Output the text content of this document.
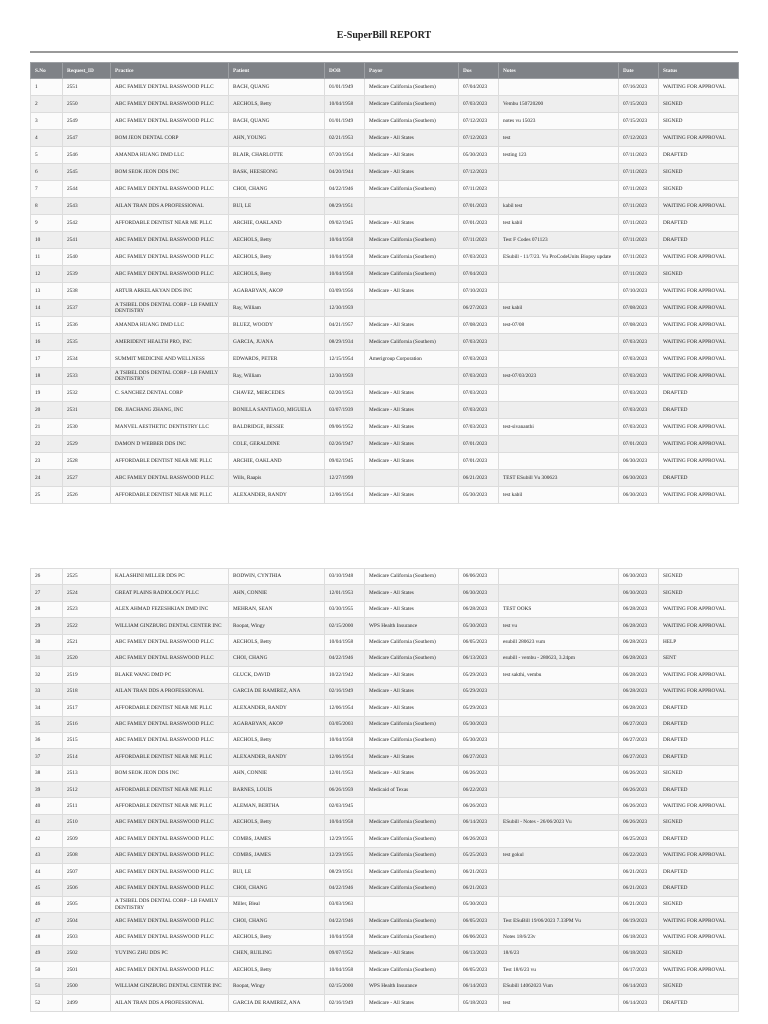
E-SuperBill REPORT
S.No	Request_ID	Practice	Patient	DOB	Payor	Dos	Notes	Date	Status
1	2551	ABC FAMILY DENTAL BASSWOOD PLLC	BACH, QUANG	01/01/1949	Medicare California (Southern)	07/04/2023		07/16/2023	WAITING FOR APPROVAL
2	2550	ABC FAMILY DENTAL BASSWOOD PLLC	AECHOLS, Betty	10/04/1958	Medicare California (Southern)	07/03/2023	Vembu 150720200	07/15/2023	SIGNED
3	2549	ABC FAMILY DENTAL BASSWOOD PLLC	BACH, QUANG	01/01/1949	Medicare California (Southern)	07/12/2023	notes vu 15023	07/15/2023	SIGNED
4	2547	BOM JEON DENTAL CORP	AHN, YOUNG	02/21/1953	Medicare - All States	07/12/2023	test	07/12/2023	WAITING FOR APPROVAL
5	2546	AMANDA HUANG DMD LLC	BLAIR, CHARLOTTE	07/20/1954	Medicare - All States	05/30/2023	testing 123	07/11/2023	DRAFTED
6	2545	BOM SEOK JEON DDS INC	BASK, HEESEONG	04/20/1944	Medicare - All States	07/12/2023		07/11/2023	SIGNED
7	2544	ABC FAMILY DENTAL BASSWOOD PLLC	CHOI, CHANG	04/22/1946	Medicare California (Southern)	07/11/2023		07/11/2023	SIGNED
8	2543	AILAN TRAN DDS A PROFESSIONAL	BUI, LE	08/29/1951		07/01/2023	kabil test	07/11/2023	WAITING FOR APPROVAL
9	2542	AFFORDABLE DENTIST NEAR ME PLLC	ARCHIE, OAKLAND	09/02/1945	Medicare - All States	07/01/2023	test kabil	07/11/2023	DRAFTED
10	2541	ABC FAMILY DENTAL BASSWOOD PLLC	AECHOLS, Betty	10/04/1958	Medicare California (Southern)	07/11/2023	Test F Codes 071123	07/11/2023	DRAFTED
11	2540	ABC FAMILY DENTAL BASSWOOD PLLC	AECHOLS, Betty	10/04/1958	Medicare California (Southern)	07/03/2023	ESubill - 11/7/23. Vu ProCodeUnits Biopsy update	07/11/2023	WAITING FOR APPROVAL
12	2539	ABC FAMILY DENTAL BASSWOOD PLLC	AECHOLS, Betty	10/04/1958	Medicare California (Southern)	07/04/2023		07/11/2023	SIGNED
13	2538	ARTUR ARKELAKYAN DDS INC	AGABABYAN, AKOP	03/09/1956	Medicare - All States	07/10/2023		07/10/2023	WAITING FOR APPROVAL
14	2537	A TSIBEL DDS DENTAL CORP - LB FAMILY DENTISTRY	Ray, William	12/30/1959		06/27/2023	test kabil	07/08/2023	WAITING FOR APPROVAL
15	2536	AMANDA HUANG DMD LLC	BLUEZ, WOODY	04/21/1957	Medicare - All States	07/08/2023	test-07/08	07/08/2023	WAITING FOR APPROVAL
16	2535	AMERIDENT HEALTH PRO, INC	GARCIA, JUANA	08/29/1934	Medicare California (Southern)	07/03/2023		07/03/2023	WAITING FOR APPROVAL
17	2534	SUMMIT MEDICINE AND WELLNESS	EDWARDS, PETER	12/15/1954	Amerigroup Corporation	07/03/2023		07/03/2023	WAITING FOR APPROVAL
18	2533	A TSIBEL DDS DENTAL CORP - LB FAMILY DENTISTRY	Ray, William	12/30/1959		07/03/2023	test-07/03/2023	07/03/2023	WAITING FOR APPROVAL
19	2532	C. SANCHEZ DENTAL CORP	CHAVEZ, MERCEDES	02/20/1953	Medicare - All States	07/03/2023		07/03/2023	DRAFTED
20	2531	DR. JIACHANG ZHANG, INC	BONILLA SANTIAGO, MIGUELA	03/07/1939	Medicare - All States	07/03/2023		07/03/2023	DRAFTED
21	2530	MANVEL AESTHETIC DENTISTRY LLC	BALDRIDGE, BESSIE	09/06/1952	Medicare - All States	07/03/2023	test-sivananthi	07/03/2023	WAITING FOR APPROVAL
22	2529	DAMON D WEBBER DDS INC	COLE, GERALDINE	02/26/1947	Medicare - All States	07/01/2023		07/01/2023	WAITING FOR APPROVAL
23	2528	AFFORDABLE DENTIST NEAR ME PLLC	ARCHIE, OAKLAND	09/02/1945	Medicare - All States	07/01/2023		06/30/2023	WAITING FOR APPROVAL
24	2527	ABC FAMILY DENTAL BASSWOOD PLLC	Wills, Raapis	12/27/1999		06/21/2023	TEST ESubill Vu 300623	06/30/2023	DRAFTED
25	2526	AFFORDABLE DENTIST NEAR ME PLLC	ALEXANDER, RANDY	12/06/1954	Medicare - All States	05/30/2023	test kabil	06/30/2023	WAITING FOR APPROVAL
26	2525	KALASHINI MILLER DDS PC	BODWIN, CYNTHIA	03/10/1948	Medicare California (Southern)	06/06/2023		06/30/2023	SIGNED
27	2524	GREAT PLAINS RADIOLOGY PLLC	AHN, CONNIE	12/01/1953	Medicare - All States	06/30/2023		06/30/2023	SIGNED
28	2523	ALEX AHMAD FEZESHKIAN DMD INC	MEHRAN, SEAN	03/30/1955	Medicare - All States	06/28/2023	TEST OOKS	06/28/2023	WAITING FOR APPROVAL
29	2522	WILLIAM GINZBURG DENTAL CENTER INC	Roopat, Wingy	02/15/2000	WPS Health Insurance	05/30/2023	test vu	06/28/2023	WAITING FOR APPROVAL
30	2521	ABC FAMILY DENTAL BASSWOOD PLLC	AECHOLS, Betty	10/04/1958	Medicare California (Southern)	06/05/2023	esubill 280623 vum	06/28/2023	HELP
31	2520	ABC FAMILY DENTAL BASSWOOD PLLC	CHOI, CHANG	04/22/1946	Medicare California (Southern)	06/13/2023	esubill - vembu - 280623, 3.24pm	06/28/2023	SENT
32	2519	BLAKE WANG DMD PC	GLUCK, DAVID	10/22/1942	Medicare - All States	05/29/2023	test sakthi, vembu	06/28/2023	WAITING FOR APPROVAL
33	2518	AILAN TRAN DDS A PROFESSIONAL	GARCIA DE RAMIREZ, ANA	02/16/1949	Medicare - All States	05/29/2023		06/28/2023	WAITING FOR APPROVAL
34	2517	AFFORDABLE DENTIST NEAR ME PLLC	ALEXANDER, RANDY	12/06/1954	Medicare - All States	05/29/2023		06/28/2023	DRAFTED
35	2516	ABC FAMILY DENTAL BASSWOOD PLLC	AGABABYAN, AKOP	03/05/2003	Medicare California (Southern)	05/30/2023		06/27/2023	DRAFTED
36	2515	ABC FAMILY DENTAL BASSWOOD PLLC	AECHOLS, Betty	10/04/1958	Medicare California (Southern)	05/30/2023		06/27/2023	DRAFTED
37	2514	AFFORDABLE DENTIST NEAR ME PLLC	ALEXANDER, RANDY	12/06/1954	Medicare - All States	06/27/2023		06/27/2023	DRAFTED
38	2513	BOM SEOK JEON DDS INC	AHN, CONNIE	12/01/1953	Medicare - All States	06/26/2023		06/26/2023	SIGNED
39	2512	AFFORDABLE DENTIST NEAR ME PLLC	BARNES, LOUIS	06/26/1959	Medicaid of Texas	06/22/2023		06/26/2023	DRAFTED
40	2511	AFFORDABLE DENTIST NEAR ME PLLC	ALEMAN, BERTHA	02/03/1945		06/26/2023		06/26/2023	WAITING FOR APPROVAL
41	2510	ABC FAMILY DENTAL BASSWOOD PLLC	AECHOLS, Betty	10/04/1958	Medicare California (Southern)	06/14/2023	ESubill - Notes - 26/06/2023 Vu	06/26/2023	SIGNED
42	2509	ABC FAMILY DENTAL BASSWOOD PLLC	COMBS, JAMES	12/29/1955	Medicare California (Southern)	06/26/2023		06/25/2023	DRAFTED
43	2508	ABC FAMILY DENTAL BASSWOOD PLLC	COMBS, JAMES	12/29/1955	Medicare California (Southern)	05/25/2023	test gokul	06/22/2023	WAITING FOR APPROVAL
44	2507	ABC FAMILY DENTAL BASSWOOD PLLC	BUI, LE	08/29/1951	Medicare California (Southern)	06/21/2023		06/21/2023	DRAFTED
45	2506	ABC FAMILY DENTAL BASSWOOD PLLC	CHOI, CHANG	04/22/1946	Medicare California (Southern)	06/21/2023		06/21/2023	DRAFTED
46	2505	A TSIBEL DDS DENTAL CORP - LB FAMILY DENTISTRY	Miller, Bleal	03/03/1963		05/30/2023		06/21/2023	SIGNED
47	2504	ABC FAMILY DENTAL BASSWOOD PLLC	CHOI, CHANG	04/22/1946	Medicare California (Southern)	06/05/2023	Test ESuBill 19/06/2023 7.33PM Vu	06/19/2023	WAITING FOR APPROVAL
48	2503	ABC FAMILY DENTAL BASSWOOD PLLC	AECHOLS, Betty	10/04/1958	Medicare California (Southern)	06/06/2023	Notes 18/6/23v	06/18/2023	WAITING FOR APPROVAL
49	2502	YUYING ZHU DDS PC	CHEN, RUILING	09/07/1952	Medicare - All States	06/13/2023	18/6/23	06/18/2023	SIGNED
50	2501	ABC FAMILY DENTAL BASSWOOD PLLC	AECHOLS, Betty	10/04/1958	Medicare California (Southern)	06/05/2023	Test 18/6/23 vu	06/17/2023	WAITING FOR APPROVAL
51	2500	WILLIAM GINZBURG DENTAL CENTER INC	Roopat, Wingy	02/15/2000	WPS Health Insurance	06/14/2023	ESubill 14062023 Vum	06/14/2023	SIGNED
52	2499	AILAN TRAN DDS A PROFESSIONAL	GARCIA DE RAMIREZ, ANA	02/16/1949	Medicare - All States	05/18/2023	test	06/14/2023	DRAFTED
